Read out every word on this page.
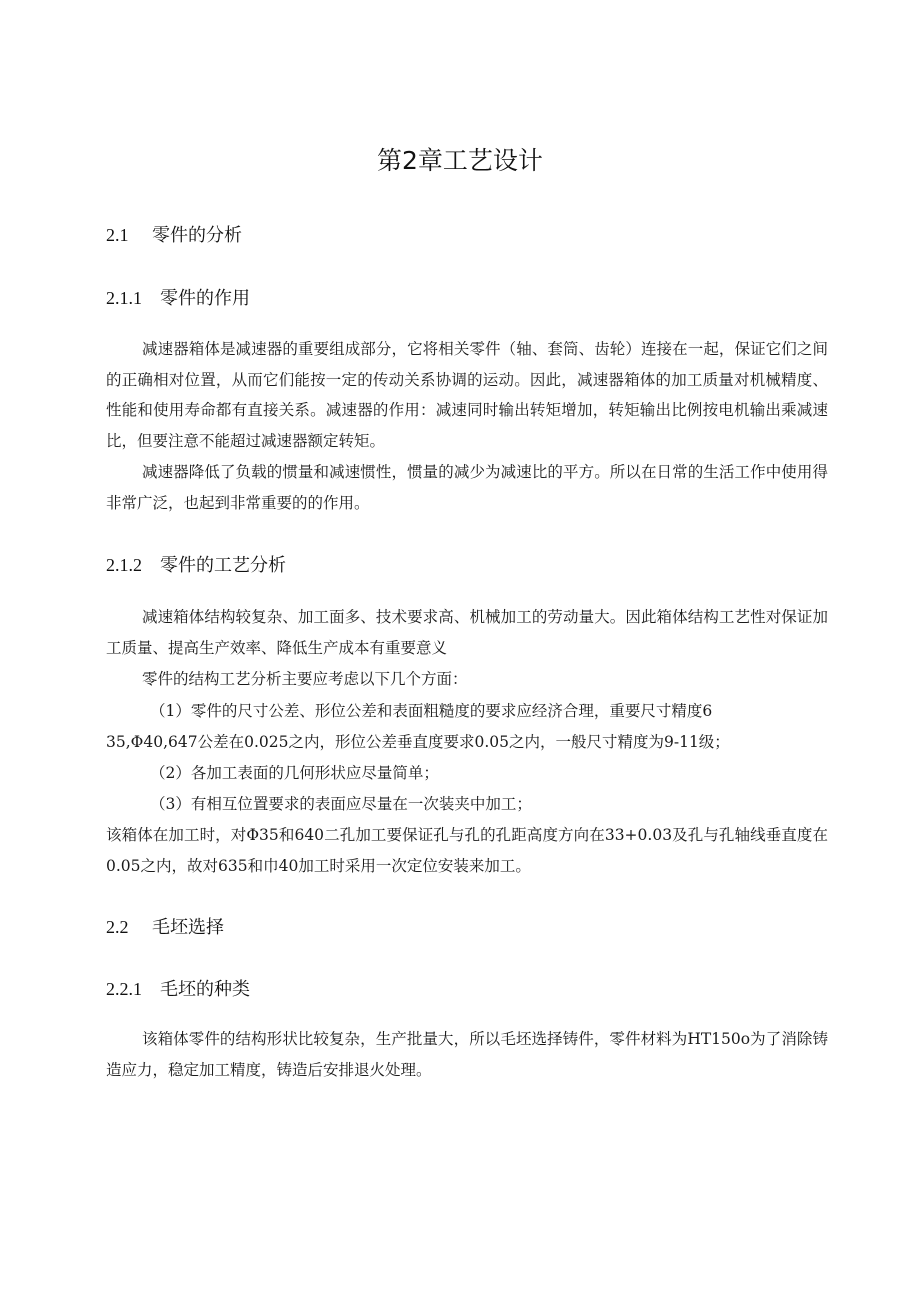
第2章工艺设计
2.1 零件的分析
2.1.1 零件的作用
减速器箱体是减速器的重要组成部分，它将相关零件（轴、套筒、齿轮）连接在一起，保证它们之间的正确相对位置，从而它们能按一定的传动关系协调的运动。因此，减速器箱体的加工质量对机械精度、性能和使用寿命都有直接关系。减速器的作用：减速同时输出转矩增加，转矩输出比例按电机输出乘减速比，但要注意不能超过减速器额定转矩。
减速器降低了负载的惯量和减速惯性，惯量的减少为减速比的平方。所以在日常的生活工作中使用得非常广泛，也起到非常重要的的作用。
2.1.2 零件的工艺分析
减速箱体结构较复杂、加工面多、技术要求高、机械加工的劳动量大。因此箱体结构工艺性对保证加工质量、提高生产效率、降低生产成本有重要意义
零件的结构工艺分析主要应考虑以下几个方面：
（1）零件的尺寸公差、形位公差和表面粗糙度的要求应经济合理，重要尺寸精度6
35,Φ40,647公差在0.025之内，形位公差垂直度要求0.05之内，一般尺寸精度为9-11级；
（2）各加工表面的几何形状应尽量简单；
（3）有相互位置要求的表面应尽量在一次装夹中加工；
该箱体在加工时，对Φ35和640二孔加工要保证孔与孔的孔距高度方向在33+0.03及孔与孔轴线垂直度在0.05之内，故对635和巾40加工时采用一次定位安装来加工。
2.2 毛坯选择
2.2.1 毛坯的种类
该箱体零件的结构形状比较复杂，生产批量大，所以毛坯选择铸件，零件材料为HT150o为了消除铸造应力，稳定加工精度，铸造后安排退火处理。
